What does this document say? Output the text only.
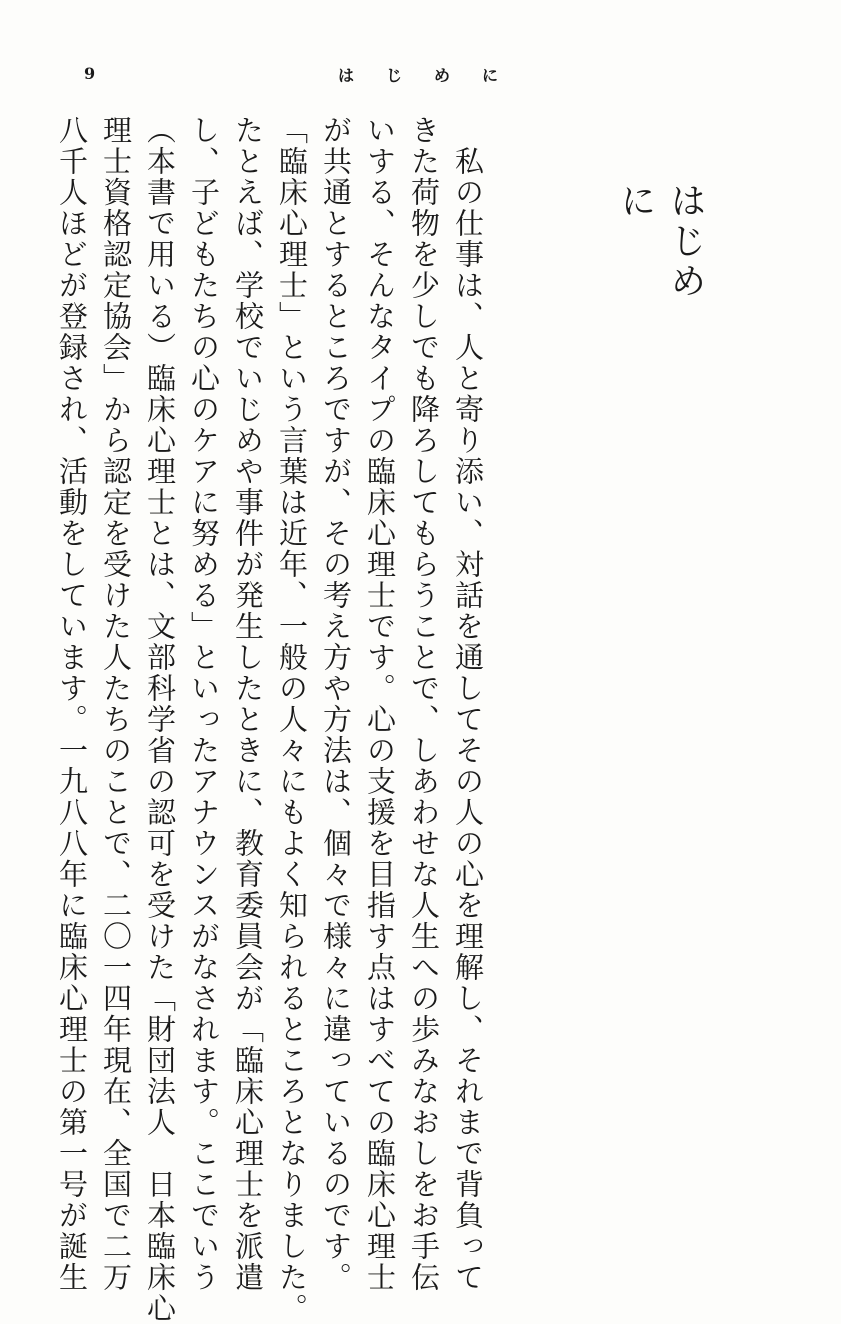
9	は じ め に
はじめに
　私の仕事は、人と寄り添い、対話を通してその人の心を理解し、それまで背負って
きた荷物を少しでも降ろしてもらうことで、しあわせな人生への歩みなおしをお手伝
いする、そんなタイプの臨床心理士です。心の支援を目指す点はすべての臨床心理士
が共通とするところですが、その考え方や方法は、個々で様々に違っているのです。
「臨床心理士」という言葉は近年、一般の人々にもよく知られるところとなりました。
たとえば、学校でいじめや事件が発生したときに、教育委員会が「臨床心理士を派遣
し、子どもたちの心のケアに努める」といったアナウンスがなされます。ここでいう
（本書で用いる）臨床心理士とは、文部科学省の認可を受けた「財団法人　日本臨床心
理士資格認定協会」から認定を受けた人たちのことで、二〇一四年現在、全国で二万
八千人ほどが登録され、活動をしています。一九八八年に臨床心理士の第一号が誕生
